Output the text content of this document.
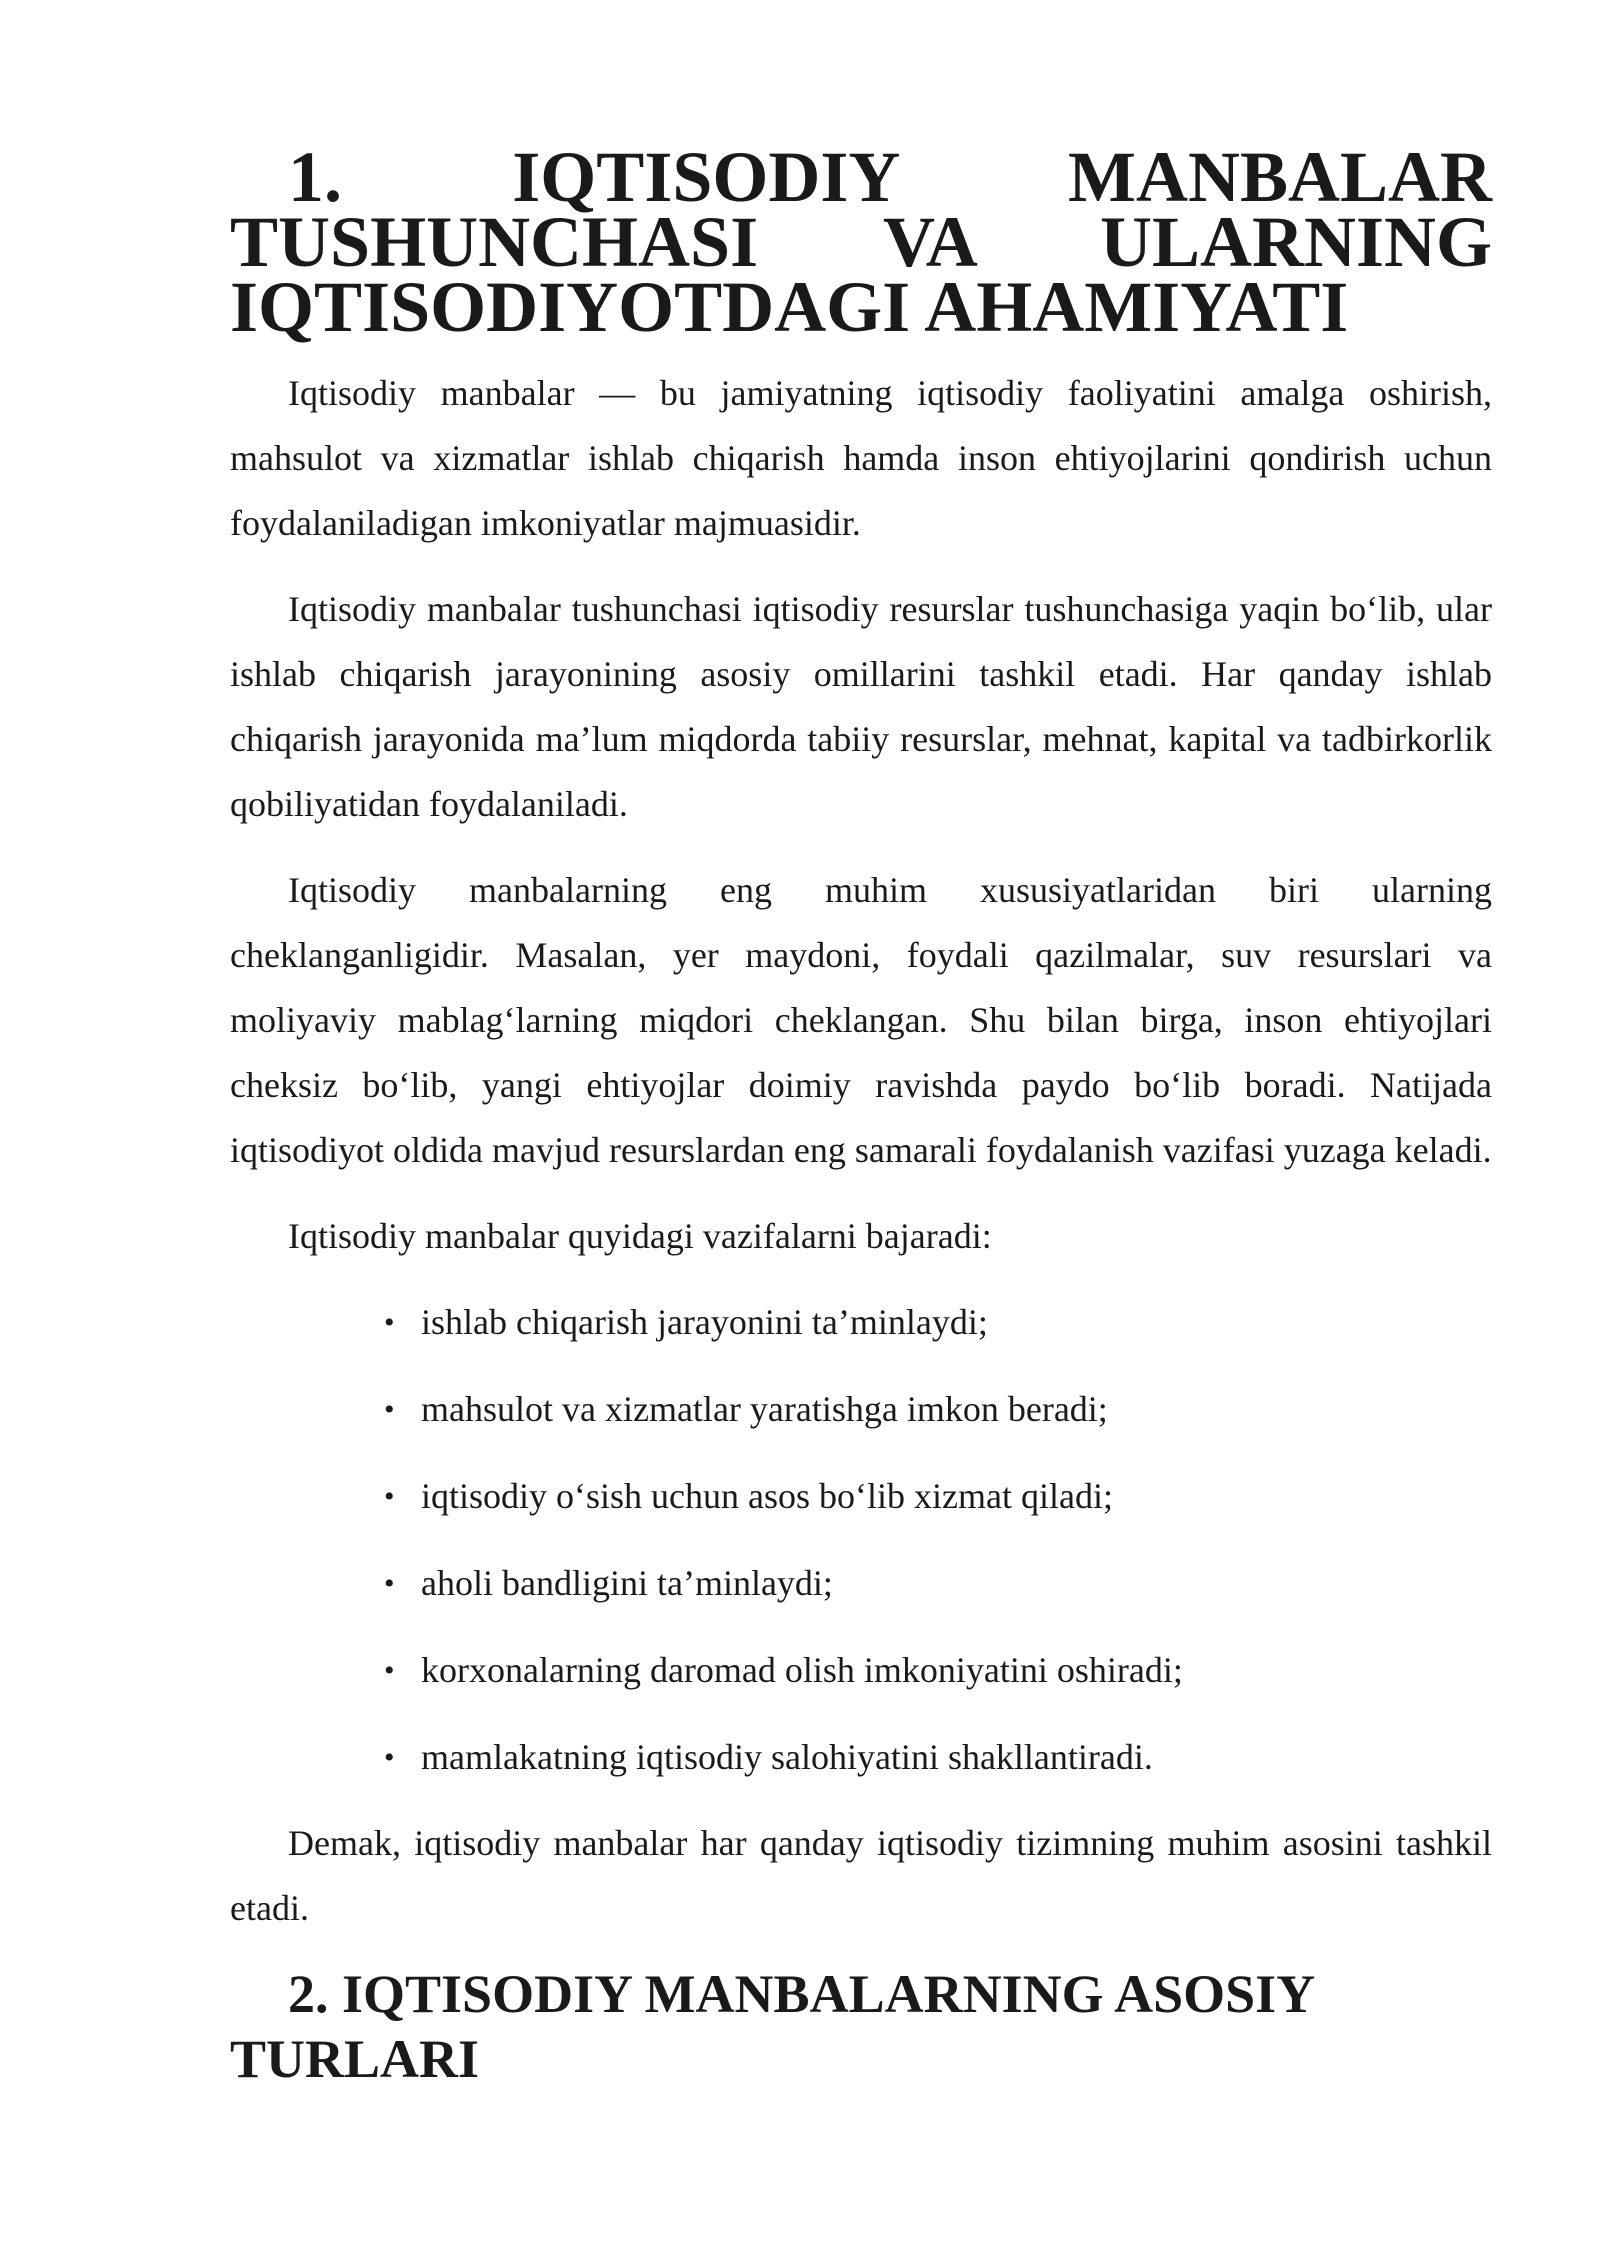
1. IQTISODIY MANBALAR TUSHUNCHASI VA ULARNING IQTISODIYOTDAGI AHAMIYATI

Iqtisodiy manbalar — bu jamiyatning iqtisodiy faoliyatini amalga oshirish, mahsulot va xizmatlar ishlab chiqarish hamda inson ehtiyojlarini qondirish uchun foydalaniladigan imkoniyatlar majmuasidir.

Iqtisodiy manbalar tushunchasi iqtisodiy resurslar tushunchasiga yaqin bo‘lib, ular ishlab chiqarish jarayonining asosiy omillarini tashkil etadi. Har qanday ishlab chiqarish jarayonida ma’lum miqdorda tabiiy resurslar, mehnat, kapital va tadbirkorlik qobiliyatidan foydalaniladi.

Iqtisodiy manbalarning eng muhim xususiyatlaridan biri ularning cheklanganligidir. Masalan, yer maydoni, foydali qazilmalar, suv resurslari va moliyaviy mablag‘larning miqdori cheklangan. Shu bilan birga, inson ehtiyojlari cheksiz bo‘lib, yangi ehtiyojlar doimiy ravishda paydo bo‘lib boradi. Natijada iqtisodiyot oldida mavjud resurslardan eng samarali foydalanish vazifasi yuzaga keladi.

Iqtisodiy manbalar quyidagi vazifalarni bajaradi:

• ishlab chiqarish jarayonini ta’minlaydi;
• mahsulot va xizmatlar yaratishga imkon beradi;
• iqtisodiy o‘sish uchun asos bo‘lib xizmat qiladi;
• aholi bandligini ta’minlaydi;
• korxonalarning daromad olish imkoniyatini oshiradi;
• mamlakatning iqtisodiy salohiyatini shakllantiradi.

Demak, iqtisodiy manbalar har qanday iqtisodiy tizimning muhim asosini tashkil etadi.

2. IQTISODIY MANBALARNING ASOSIY TURLARI
